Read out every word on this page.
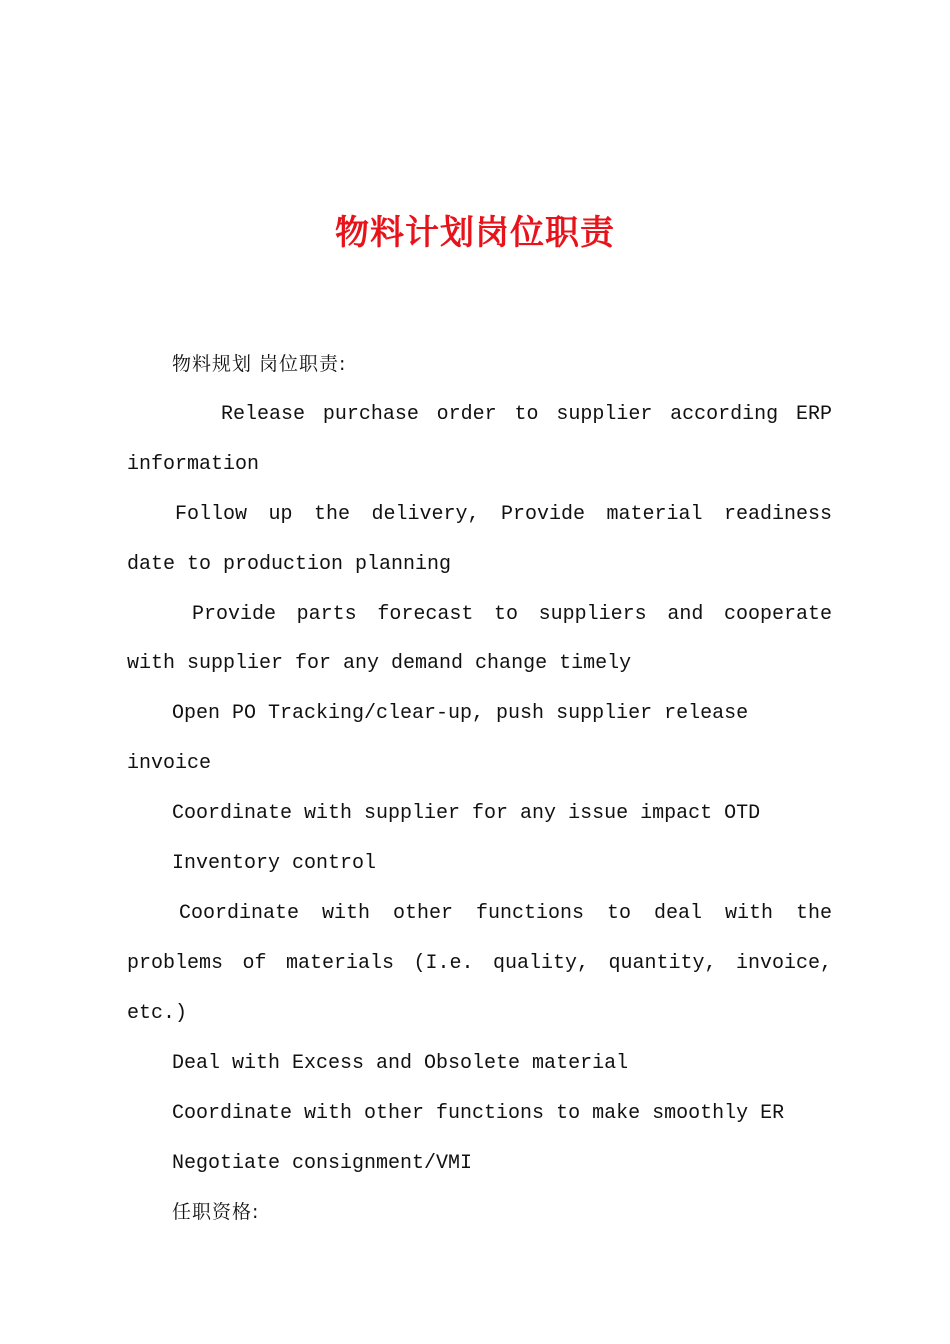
物料计划岗位职责

物料规划 岗位职责:

Release purchase order to supplier according ERP information

Follow up the delivery, Provide material readiness date to production planning

Provide parts forecast to suppliers and cooperate with supplier for any demand change timely

Open PO Tracking/clear-up, push supplier release invoice

Coordinate with supplier for any issue impact OTD

Inventory control

Coordinate with other functions to deal with the problems of materials (I.e. quality, quantity, invoice, etc.)

Deal with Excess and Obsolete material

Coordinate with other functions to make smoothly ER

Negotiate consignment/VMI

任职资格:
